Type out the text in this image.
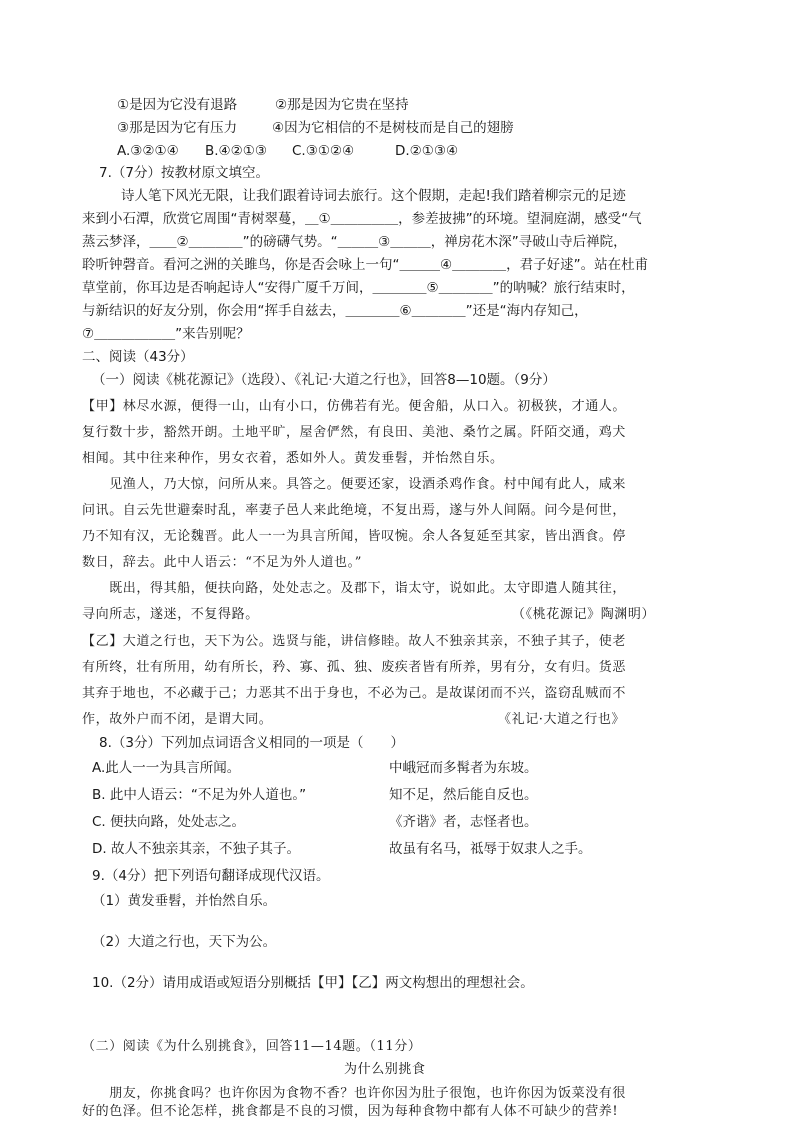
①是因为它没有退路	②那是因为它贵在坚持
③那是因为它有压力	④因为它相信的不是树枝而是自己的翅膀
A.③②①④ B.④②①③ C.③①②④	D.②①③④
7.（7分）按教材原文填空。
诗人笔下风光无限，让我们跟着诗词去旅行。这个假期，走起!我们踏着柳宗元的足迹
来到小石潭，欣赏它周围“青树翠蔓，＿①＿＿＿＿＿，参差披拂”的环境。望洞庭湖，感受“气
蒸云梦泽，＿＿②＿＿＿＿”的磅礴气势。“＿＿＿③＿＿＿，禅房花木深”寻破山寺后禅院，
聆听钟磬音。看河之洲的关雎鸟，你是否会咏上一句“＿＿＿④＿＿＿＿，君子好逑”。站在杜甫
草堂前，你耳边是否响起诗人“安得广厦千万间，＿＿＿＿⑤＿＿＿＿”的呐喊？旅行结束时，
与新结识的好友分别，你会用“挥手自兹去，＿＿＿＿⑥＿＿＿＿”还是“海内存知己，
⑦＿＿＿＿＿＿”来告别呢？
二、阅读（43分）
（一）阅读《桃花源记》（选段）、《礼记·大道之行也》，回答8—10题。（9分）
【甲】林尽水源，便得一山，山有小口，仿佛若有光。便舍船，从口入。初极狭，才通人。
复行数十步，豁然开朗。土地平旷，屋舍俨然，有良田、美池、桑竹之属。阡陌交通，鸡犬
相闻。其中往来种作，男女衣着，悉如外人。黄发垂髫，并怡然自乐。
　　见渔人，乃大惊，问所从来。具答之。便要还家，设酒杀鸡作食。村中闻有此人，咸来
问讯。自云先世避秦时乱，率妻子邑人来此绝境，不复出焉，遂与外人间隔。问今是何世，
乃不知有汉，无论魏晋。此人一一为具言所闻，皆叹惋。余人各复延至其家，皆出酒食。停
数日，辞去。此中人语云：“不足为外人道也。”
　　既出，得其船，便扶向路，处处志之。及郡下，诣太守，说如此。太守即遣人随其往，
寻向所志，遂迷，不复得路。	（《桃花源记》陶渊明）
【乙】大道之行也，天下为公。选贤与能，讲信修睦。故人不独亲其亲，不独子其子，使老
有所终，壮有所用，幼有所长，矜、寡、孤、独、废疾者皆有所养，男有分，女有归。货恶
其弃于地也，不必藏于己；力恶其不出于身也，不必为己。是故谋闭而不兴，盗窃乱贼而不
作，故外户而不闭，是谓大同。	《礼记·大道之行也》
8.（3分）下列加点词语含义相同的一项是（　　）
A.此人一一为具言所闻。	中峨冠而多髯者为东坡。
B. 此中人语云：“不足为外人道也。”	知不足，然后能自反也。
C. 便扶向路，处处志之。	《齐谐》者，志怪者也。
D. 故人不独亲其亲，不独子其子。	故虽有名马，祗辱于奴隶人之手。
9.（4分）把下列语句翻译成现代汉语。
（1）黄发垂髫，并怡然自乐。
（2）大道之行也，天下为公。
10.（2分）请用成语或短语分别概括【甲】【乙】两文构想出的理想社会。
（二）阅读《为什么别挑食》，回答11—14题。（11分）
为什么别挑食
　　朋友，你挑食吗？也许你因为食物不香？也许你因为肚子很饱，也许你因为饭菜没有很
好的色泽。但不论怎样，挑食都是不良的习惯，因为每种食物中都有人体不可缺少的营养!
